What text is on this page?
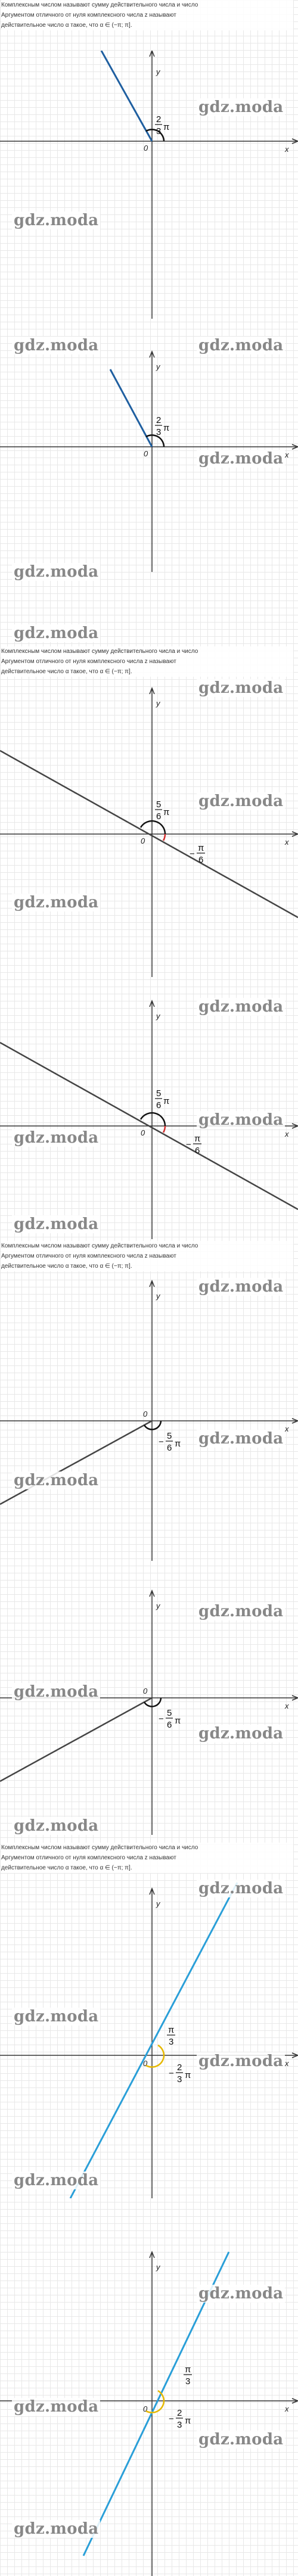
Комплексным числом называют сумму действительного числа и число

Аргументом отличного от нуля комплексного числа z называют

действительное число α такое, что α ∈ (−π; π].

y
x
0
2
3 π
y
x
0
2
3 π

Комплексным числом называют сумму действительного числа и число

Аргументом отличного от нуля комплексного числа z называют

действительное число α такое, что α ∈ (−π; π].

y
x
0
5
6 π
−
π
6
y
x
0
5
6 π
−
π
6

Комплексным числом называют сумму действительного числа и число

Аргументом отличного от нуля комплексного числа z называют

действительное число α такое, что α ∈ (−π; π].

y
x
0
−
5
6 π
y
x
0
−
5
6 π

Комплексным числом называют сумму действительного числа и число

Аргументом отличного от нуля комплексного числа z называют

действительное число α такое, что α ∈ (−π; π].

y
x
0
π
3
−
2
3 π
y
x
0
π
3
−
2
3 π
gdz.moda
gdz.moda
gdz.moda	gdz.moda
gdz.moda
gdz.moda
gdz.moda
gdz.moda
gdz.moda
gdz.moda
gdz.moda
gdz.moda
gdz.moda
gdz.moda
gdz.moda
gdz.moda
gdz.moda
gdz.moda
gdz.moda
gdz.moda
gdz.moda
gdz.moda
gdz.moda
gdz.moda
gdz.moda
gdz.moda
gdz.moda
gdz.moda
gdz.moda
